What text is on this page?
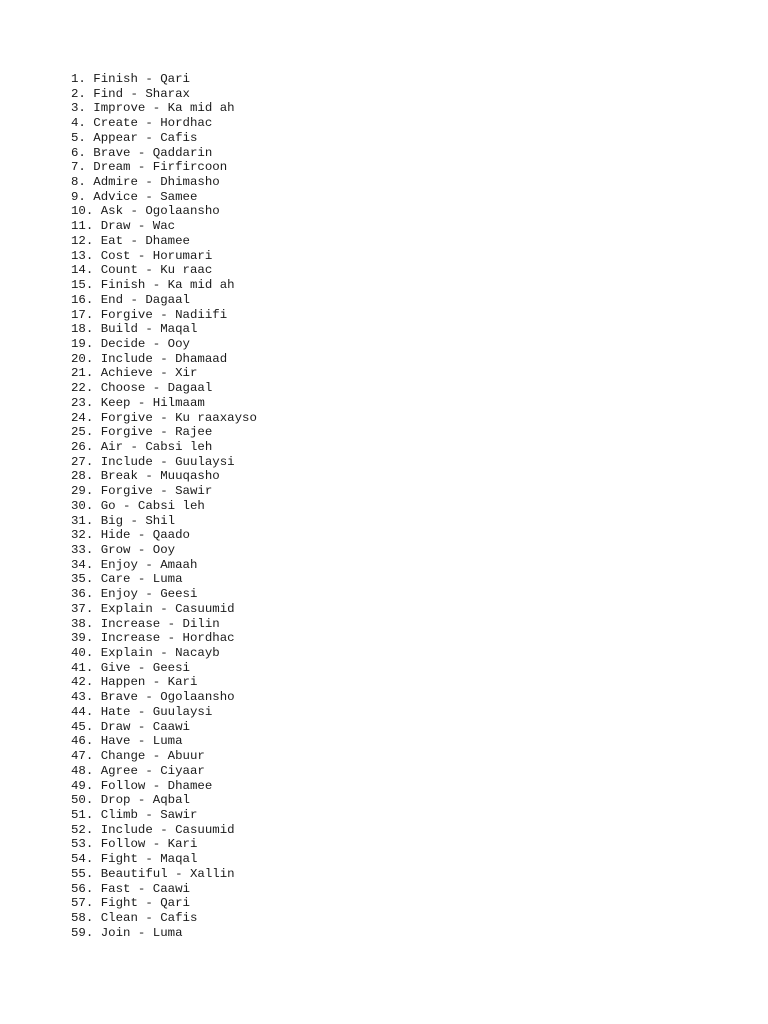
1. Finish - Qari
2. Find - Sharax
3. Improve - Ka mid ah
4. Create - Hordhac
5. Appear - Cafis
6. Brave - Qaddarin
7. Dream - Firfircoon
8. Admire - Dhimasho
9. Advice - Samee
10. Ask - Ogolaansho
11. Draw - Wac
12. Eat - Dhamee
13. Cost - Horumari
14. Count - Ku raac
15. Finish - Ka mid ah
16. End - Dagaal
17. Forgive - Nadiifi
18. Build - Maqal
19. Decide - Ooy
20. Include - Dhamaad
21. Achieve - Xir
22. Choose - Dagaal
23. Keep - Hilmaam
24. Forgive - Ku raaxayso
25. Forgive - Rajee
26. Air - Cabsi leh
27. Include - Guulaysi
28. Break - Muuqasho
29. Forgive - Sawir
30. Go - Cabsi leh
31. Big - Shil
32. Hide - Qaado
33. Grow - Ooy
34. Enjoy - Amaah
35. Care - Luma
36. Enjoy - Geesi
37. Explain - Casuumid
38. Increase - Dilin
39. Increase - Hordhac
40. Explain - Nacayb
41. Give - Geesi
42. Happen - Kari
43. Brave - Ogolaansho
44. Hate - Guulaysi
45. Draw - Caawi
46. Have - Luma
47. Change - Abuur
48. Agree - Ciyaar
49. Follow - Dhamee
50. Drop - Aqbal
51. Climb - Sawir
52. Include - Casuumid
53. Follow - Kari
54. Fight - Maqal
55. Beautiful - Xallin
56. Fast - Caawi
57. Fight - Qari
58. Clean - Cafis
59. Join - Luma
